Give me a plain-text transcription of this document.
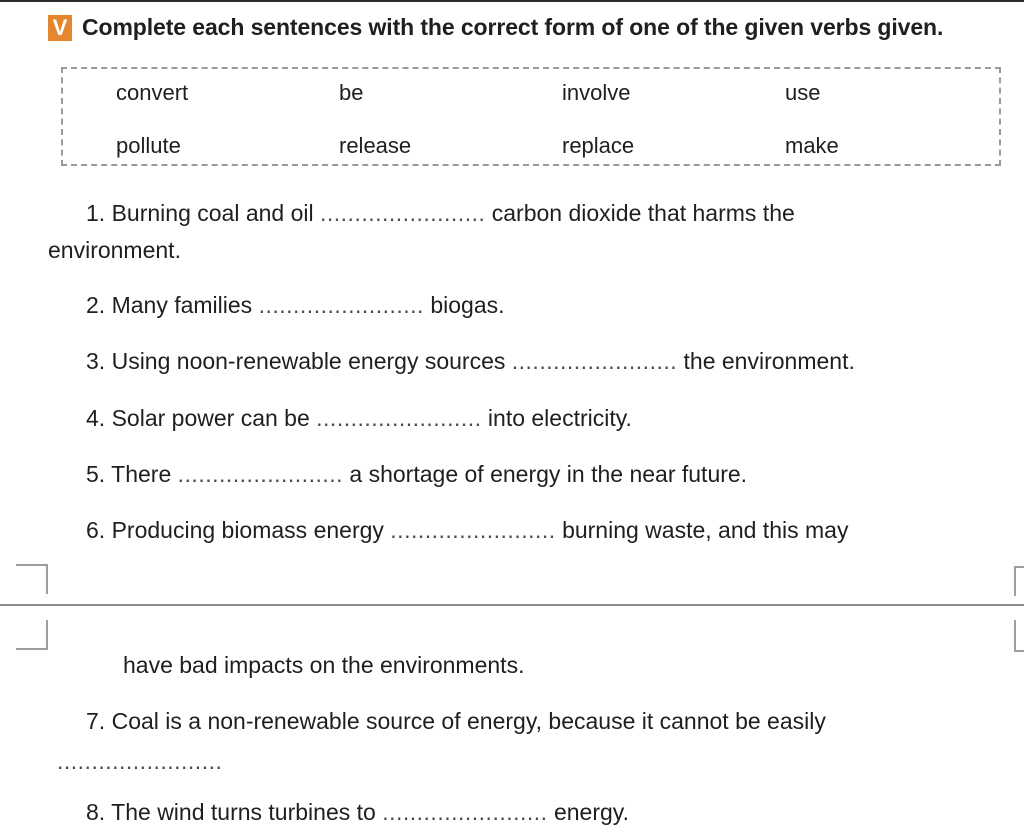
V Complete each sentences with the correct form of one of the given verbs given.
convert	be	involve	use
pollute	release	replace	make
1. Burning coal and oil ........................ carbon dioxide that harms the
environment.
2. Many families ........................ biogas.
3. Using noon-renewable energy sources ........................ the environment.
4. Solar power can be ........................ into electricity.
5. There ........................ a shortage of energy in the near future.
6. Producing biomass energy ........................ burning waste, and this may
have bad impacts on the environments.
7. Coal is a non-renewable source of energy, because it cannot be easily
........................
8. The wind turns turbines to ........................ energy.
